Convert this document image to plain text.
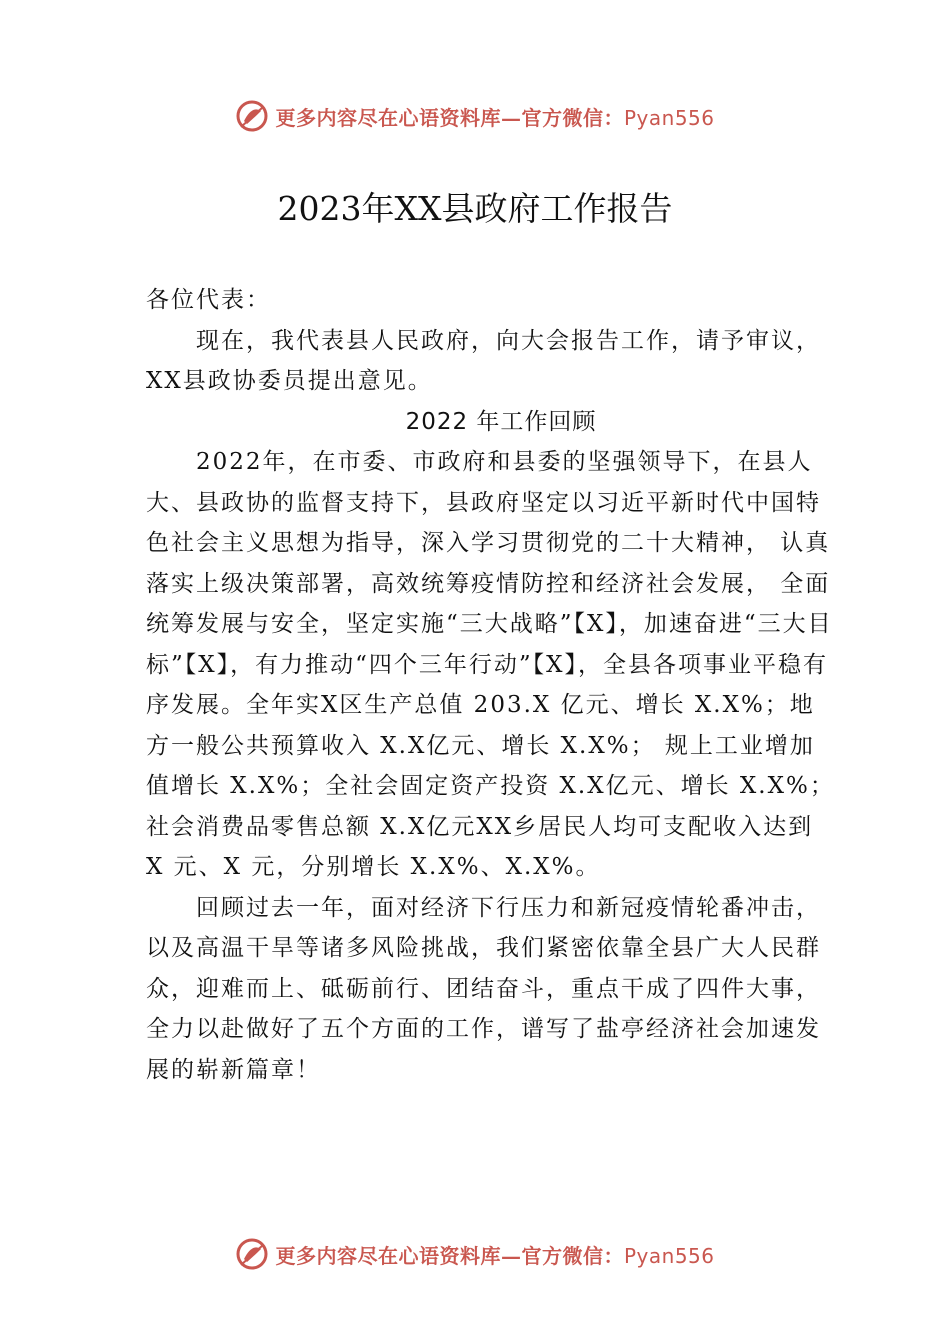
更多内容尽在心语资料库—官方微信：Pyan556
2023年XX县政府工作报告

各位代表：

现在，我代表县人民政府，向大会报告工作，请予审议，XX县政协委员提出意见。

2022 年工作回顾

2022年，在市委、市政府和县委的坚强领导下，在县人大、县政协的监督支持下，县政府坚定以习近平新时代中国特色社会主义思想为指导，深入学习贯彻党的二十大精神， 认真落实上级决策部署，高效统筹疫情防控和经济社会发展， 全面统筹发展与安全，坚定实施“三大战略”【X】，加速奋进“三大目标”【X】，有力推动“四个三年行动”【X】，全县各项事业平稳有序发展。全年实X区生产总值 203.X 亿元、增长 X.X%；地方一般公共预算收入 X.X亿元、增长 X.X%； 规上工业增加值增长 X.X%；全社会固定资产投资 X.X亿元、增长 X.X%；社会消费品零售总额 X.X亿元XX乡居民人均可支配收入达到 X 元、X 元，分别增长 X.X%、X.X%。

回顾过去一年，面对经济下行压力和新冠疫情轮番冲击，以及高温干旱等诸多风险挑战，我们紧密依靠全县广大人民群众，迎难而上、砥砺前行、团结奋斗，重点干成了四件大事，全力以赴做好了五个方面的工作，谱写了盐亭经济社会加速发展的崭新篇章！

更多内容尽在心语资料库—官方微信：Pyan556
